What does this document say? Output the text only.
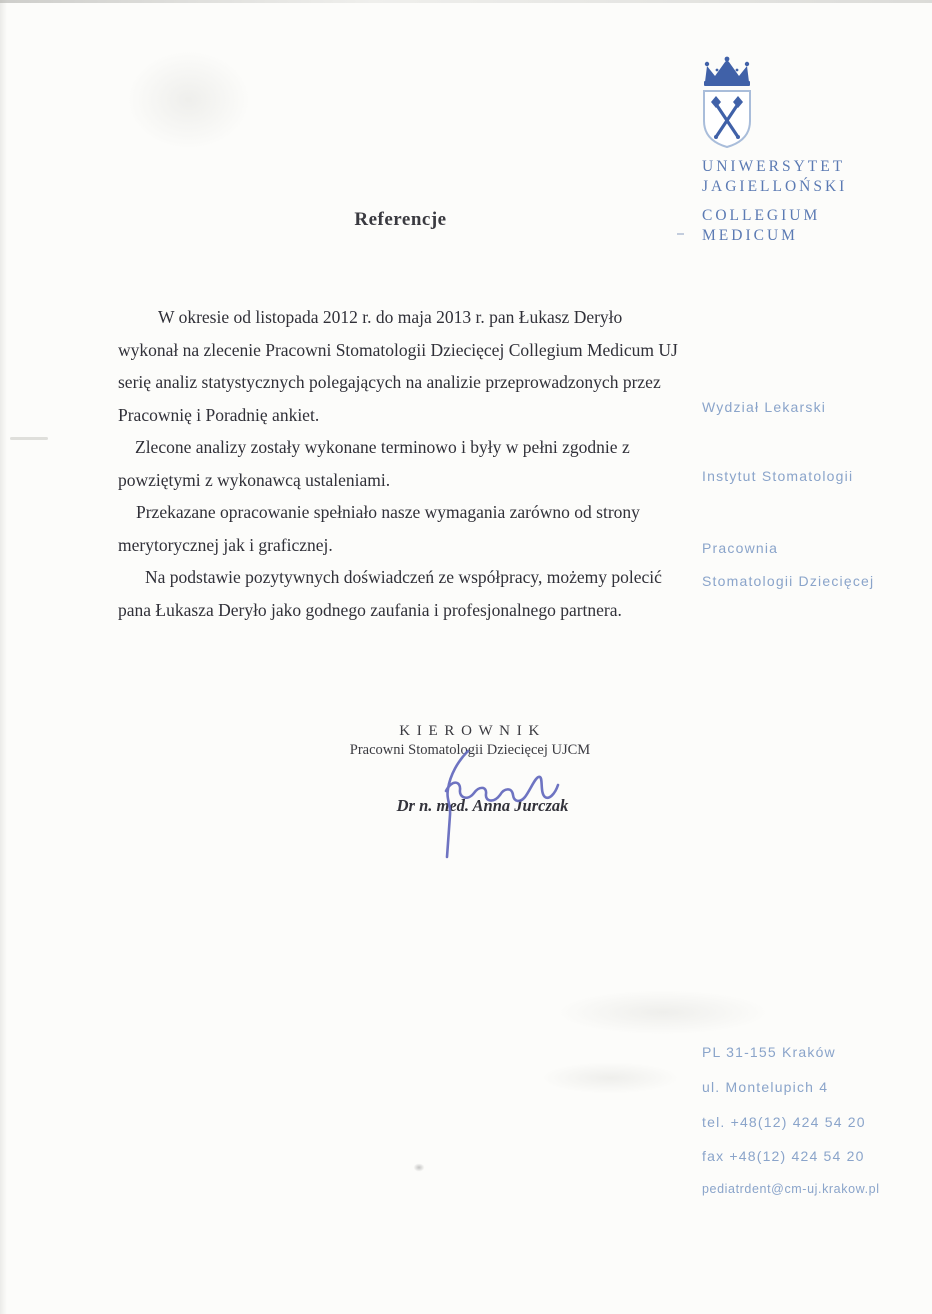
UNIWERSYTET
JAGIELLOŃSKI
COLLEGIUM
MEDICUM
Wydział Lekarski
Instytut Stomatologii
Pracownia
Stomatologii Dziecięcej
Referencje

W okresie od listopada 2012 r. do maja 2013 r. pan Łukasz Deryło wykonał na zlecenie Pracowni Stomatologii Dziecięcej Collegium Medicum UJ serię analiz statystycznych polegających na analizie przeprowadzonych przez Pracownię i Poradnię ankiet.

Zlecone analizy zostały wykonane terminowo i były w pełni zgodnie z powziętymi z wykonawcą ustaleniami.

Przekazane opracowanie spełniało nasze wymagania zarówno od strony merytorycznej jak i graficznej.

Na podstawie pozytywnych doświadczeń ze współpracy, możemy polecić pana Łukasza Deryło jako godnego zaufania i profesjonalnego partnera.

K I E R O W N I K
Pracowni Stomatologii Dziecięcej UJCM
Dr n. med. Anna Jurczak
PL 31-155 Kraków
ul. Montelupich 4
tel. +48(12) 424 54 20
fax +48(12) 424 54 20
pediatrdent@cm-uj.krakow.pl
